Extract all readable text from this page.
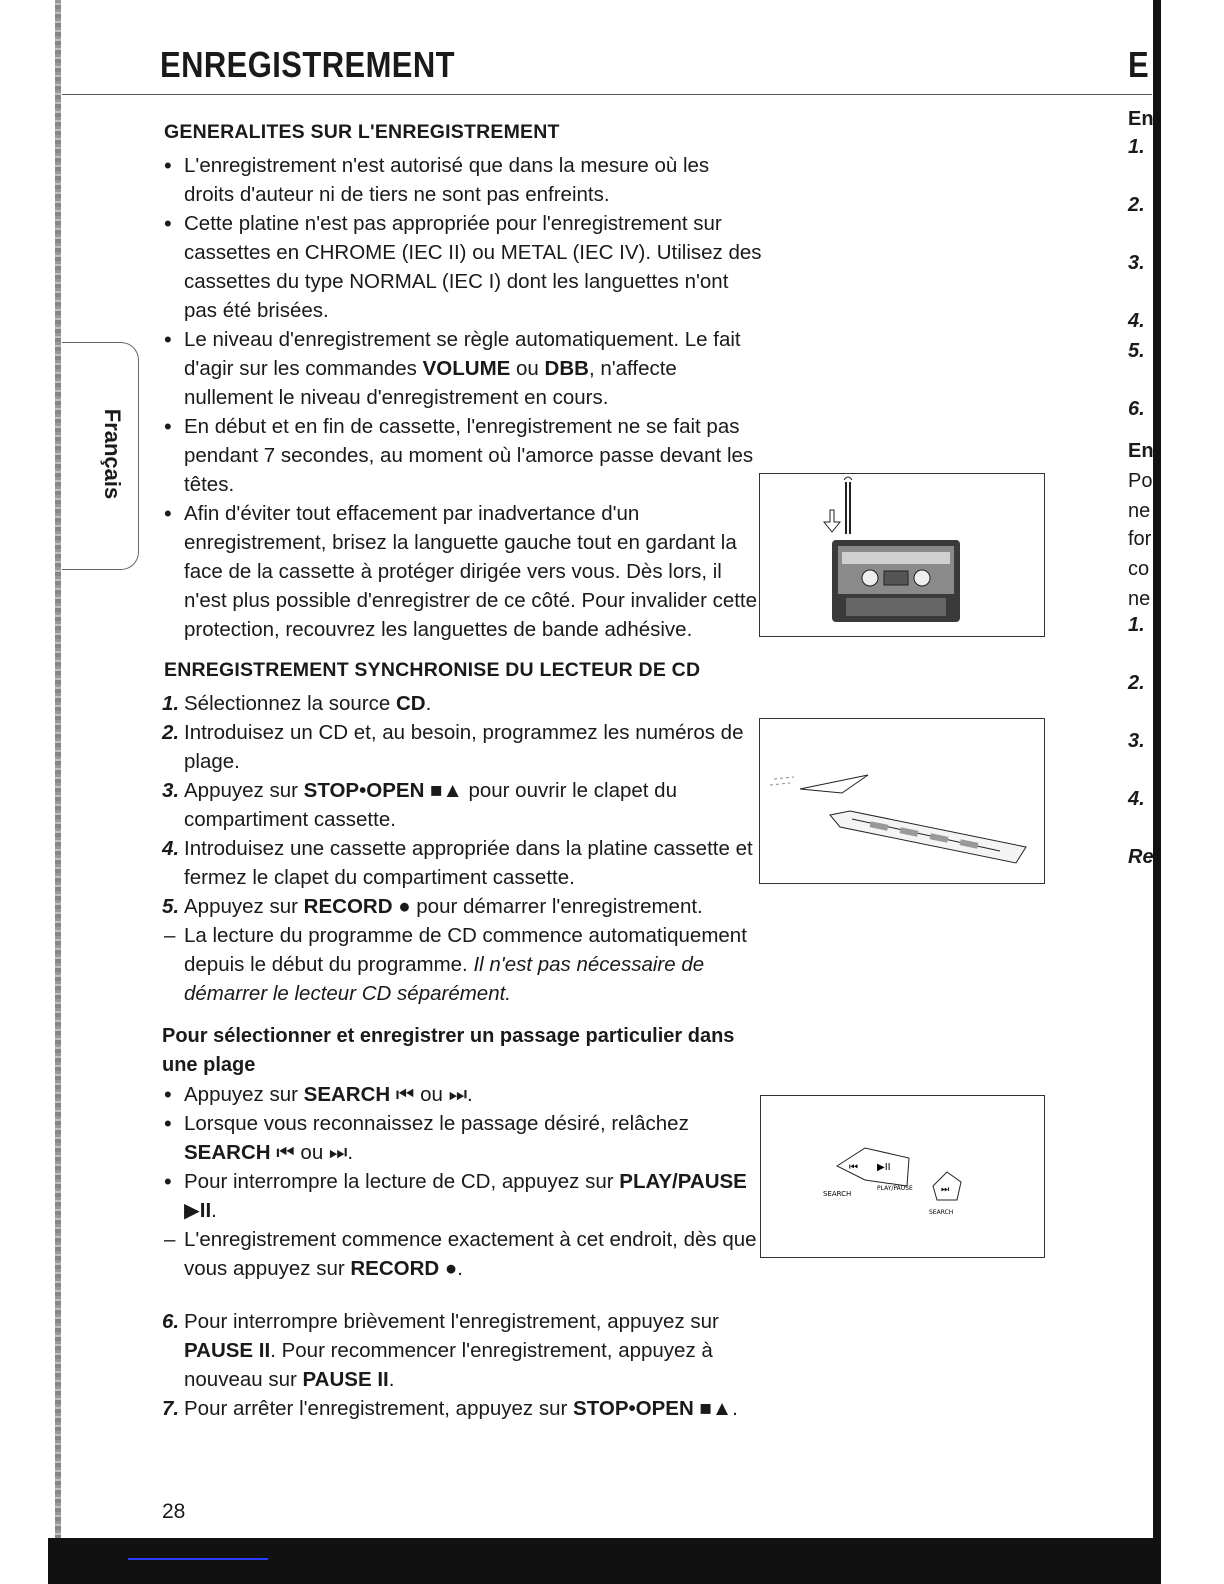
ENREGISTREMENT	E
Français
GENERALITES SUR L'ENREGISTREMENT
• L'enregistrement n'est autorisé que dans la mesure où les droits d'auteur ni de tiers ne sont pas enfreints.
• Cette platine n'est pas appropriée pour l'enregistrement sur cassettes en CHROME (IEC II) ou METAL (IEC IV). Utilisez des cassettes du type NORMAL (IEC I) dont les languettes n'ont pas été brisées.
• Le niveau d'enregistrement se règle automatiquement. Le fait d'agir sur les commandes VOLUME ou DBB, n'affecte nullement le niveau d'enregistrement en cours.
• En début et en fin de cassette, l'enregistrement ne se fait pas pendant 7 secondes, au moment où l'amorce passe devant les têtes.
• Afin d'éviter tout effacement par inadvertance d'un enregistrement, brisez la languette gauche tout en gardant la face de la cassette à protéger dirigée vers vous. Dès lors, il n'est plus possible d'enregistrer de ce côté. Pour invalider cette protection, recouvrez les languettes de bande adhésive.
ENREGISTREMENT SYNCHRONISE DU LECTEUR DE CD
1. Sélectionnez la source CD.
2. Introduisez un CD et, au besoin, programmez les numéros de plage.
3. Appuyez sur STOP•OPEN ■▲ pour ouvrir le clapet du compartiment cassette.
4. Introduisez une cassette appropriée dans la platine cassette et fermez le clapet du compartiment cassette.
5. Appuyez sur RECORD ● pour démarrer l'enregistrement.
– La lecture du programme de CD commence automatiquement depuis le début du programme. Il n'est pas nécessaire de démarrer le lecteur CD séparément.
Pour sélectionner et enregistrer un passage particulier dans une plage
• Appuyez sur SEARCH ⏮ ou ⏭.
• Lorsque vous reconnaissez le passage désiré, relâchez SEARCH ⏮ ou ⏭.
• Pour interrompre la lecture de CD, appuyez sur PLAY/PAUSE ▶II.
– L'enregistrement commence exactement à cet endroit, dès que vous appuyez sur RECORD ●.
6. Pour interrompre brièvement l'enregistrement, appuyez sur PAUSE II. Pour recommencer l'enregistrement, appuyez à nouveau sur PAUSE II.
7. Pour arrêter l'enregistrement, appuyez sur STOP•OPEN ■▲.
⏮ ▶II
⏭
SEARCH
PLAY/PAUSE
SEARCH
En
1.
2.
3.
4.
5.
6.
En
Po
ne
for
co
ne
1.
2.
3.
4.
Re
28
